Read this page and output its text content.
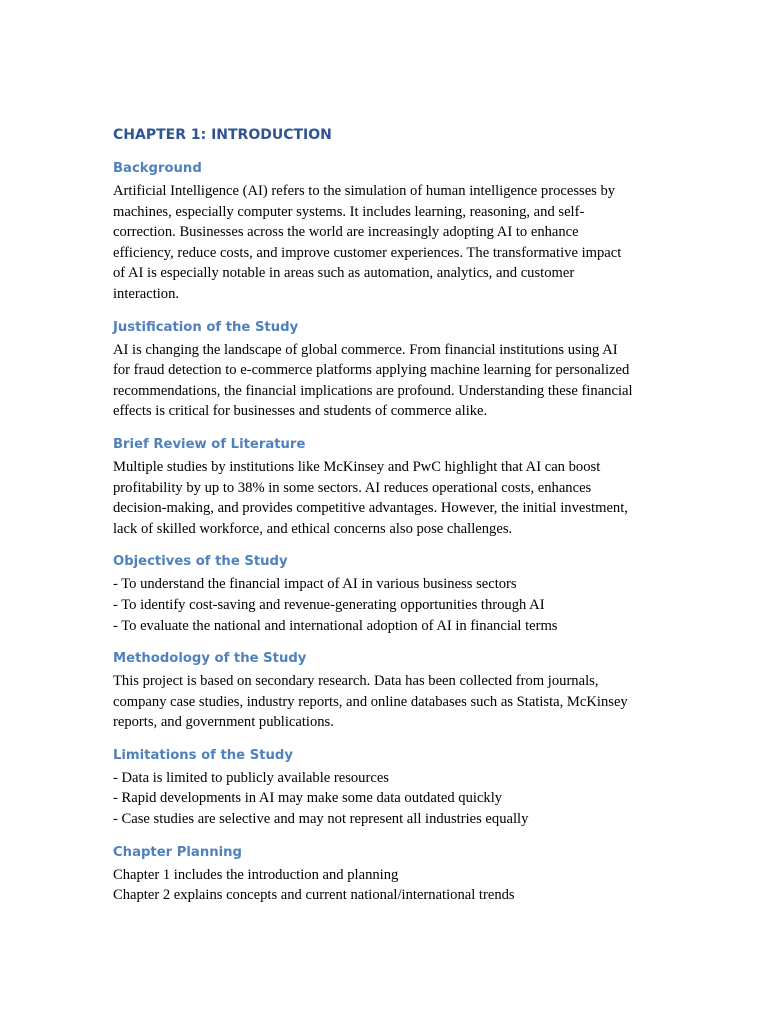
CHAPTER 1: INTRODUCTION
Background

Artificial Intelligence (AI) refers to the simulation of human intelligence processes by
machines, especially computer systems. It includes learning, reasoning, and self-
correction. Businesses across the world are increasingly adopting AI to enhance
efficiency, reduce costs, and improve customer experiences. The transformative impact
of AI is especially notable in areas such as automation, analytics, and customer
interaction.

Justification of the Study

AI is changing the landscape of global commerce. From financial institutions using AI
for fraud detection to e-commerce platforms applying machine learning for personalized
recommendations, the financial implications are profound. Understanding these financial
effects is critical for businesses and students of commerce alike.

Brief Review of Literature

Multiple studies by institutions like McKinsey and PwC highlight that AI can boost
profitability by up to 38% in some sectors. AI reduces operational costs, enhances
decision-making, and provides competitive advantages. However, the initial investment,
lack of skilled workforce, and ethical concerns also pose challenges.

Objectives of the Study

- To understand the financial impact of AI in various business sectors
- To identify cost-saving and revenue-generating opportunities through AI
- To evaluate the national and international adoption of AI in financial terms

Methodology of the Study

This project is based on secondary research. Data has been collected from journals,
company case studies, industry reports, and online databases such as Statista, McKinsey
reports, and government publications.

Limitations of the Study

- Data is limited to publicly available resources
- Rapid developments in AI may make some data outdated quickly
- Case studies are selective and may not represent all industries equally

Chapter Planning

Chapter 1 includes the introduction and planning
Chapter 2 explains concepts and current national/international trends
